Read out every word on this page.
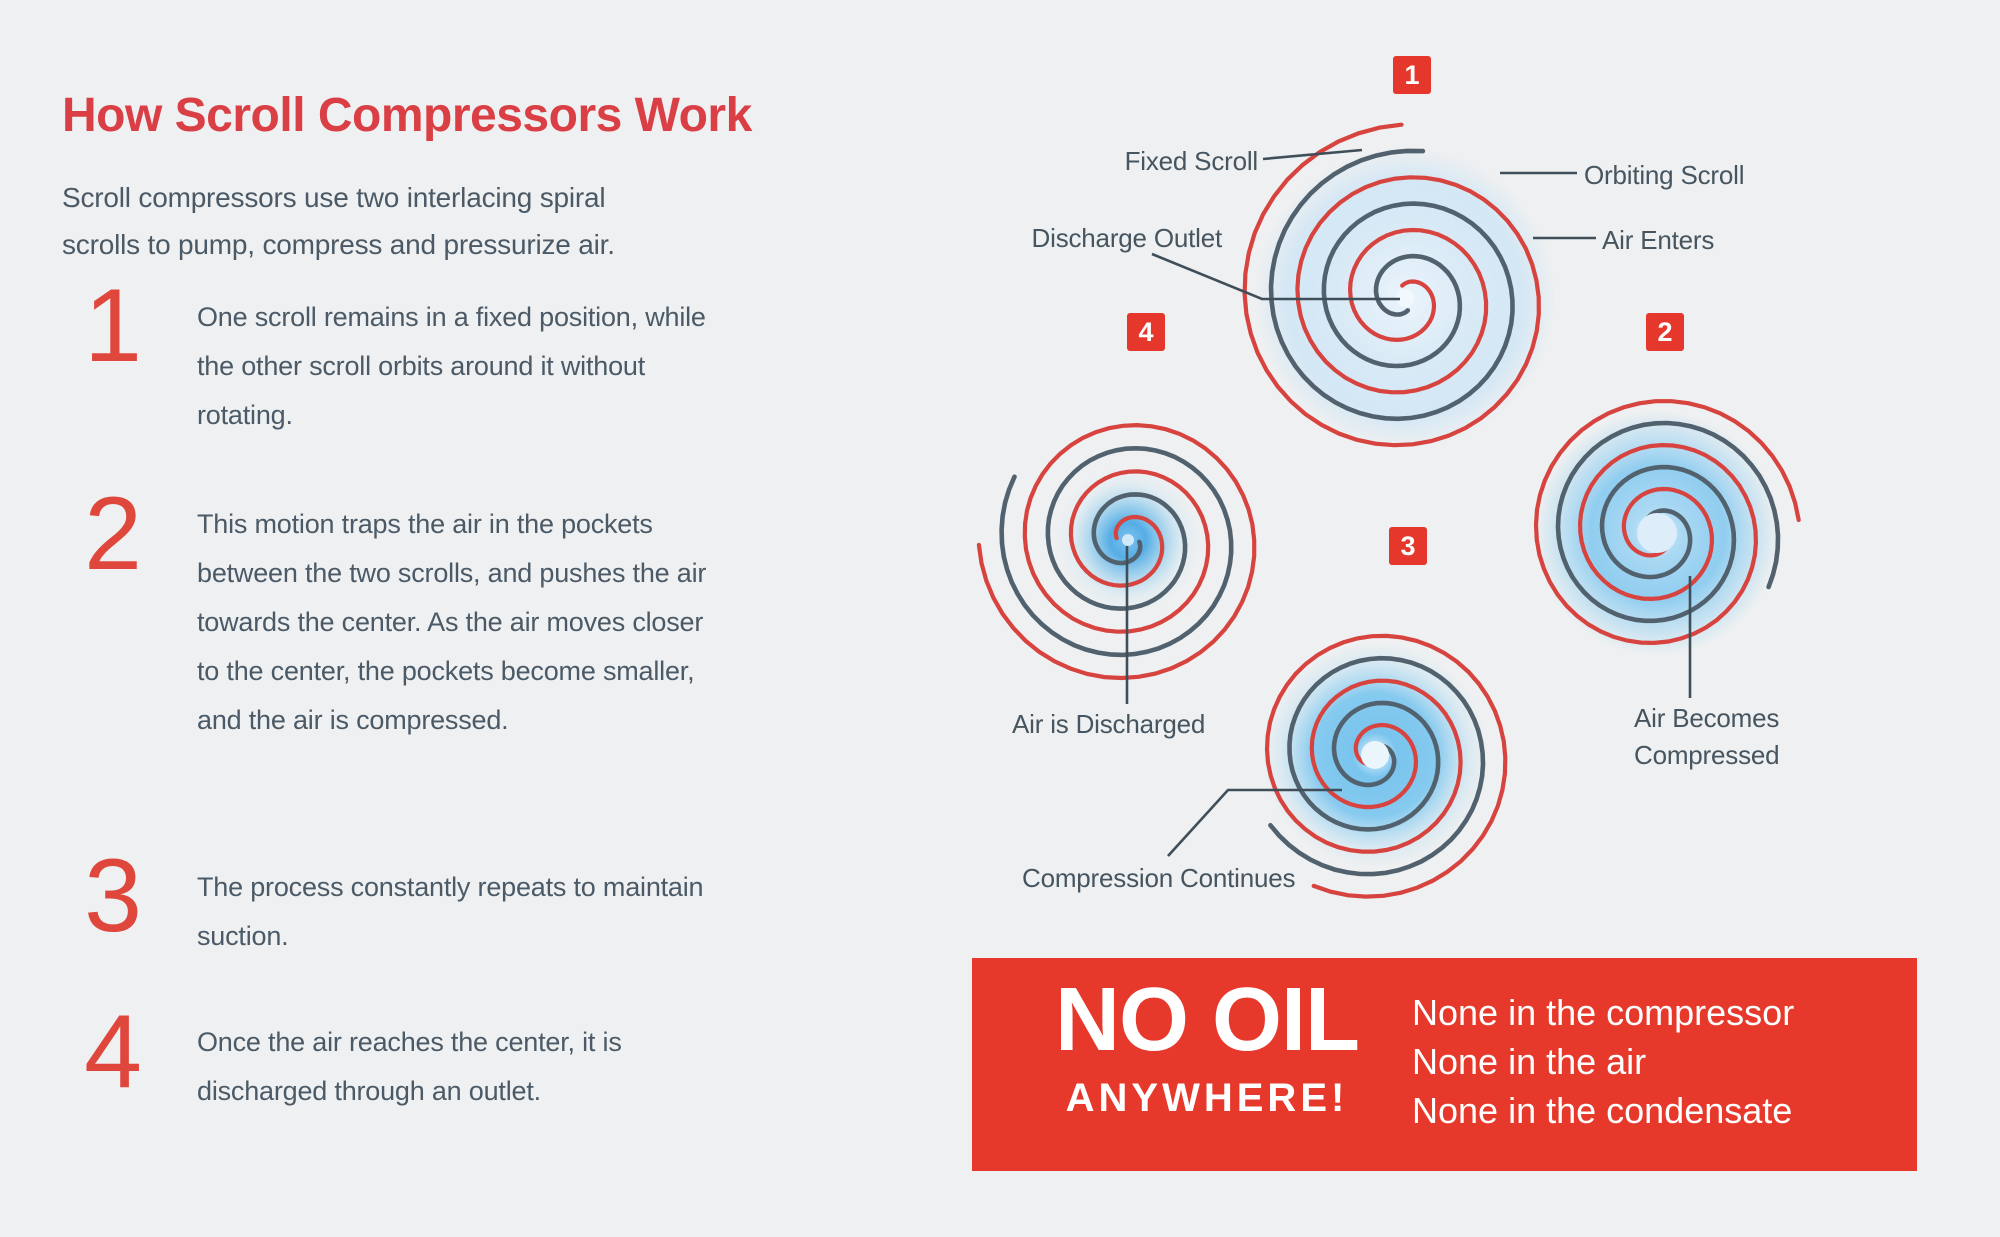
How Scroll Compressors Work

Scroll compressors use two interlacing spiral scrolls to pump, compress and pressurize air.

1 One scroll remains in a fixed position, while the other scroll orbits around it without rotating.
2 This motion traps the air in the pockets between the two scrolls, and pushes the air towards the center. As the air moves closer to the center, the pockets become smaller, and the air is compressed.
3 The process constantly repeats to maintain suction.
4 Once the air reaches the center, it is discharged through an outlet.
1
2
3
4
Fixed Scroll	Orbiting Scroll
Discharge Outlet	Air Enters
Air is Discharged	Air Becomes Compressed
Compression Continues
NO OIL
ANYWHERE!
None in the compressor
None in the air
None in the condensate
